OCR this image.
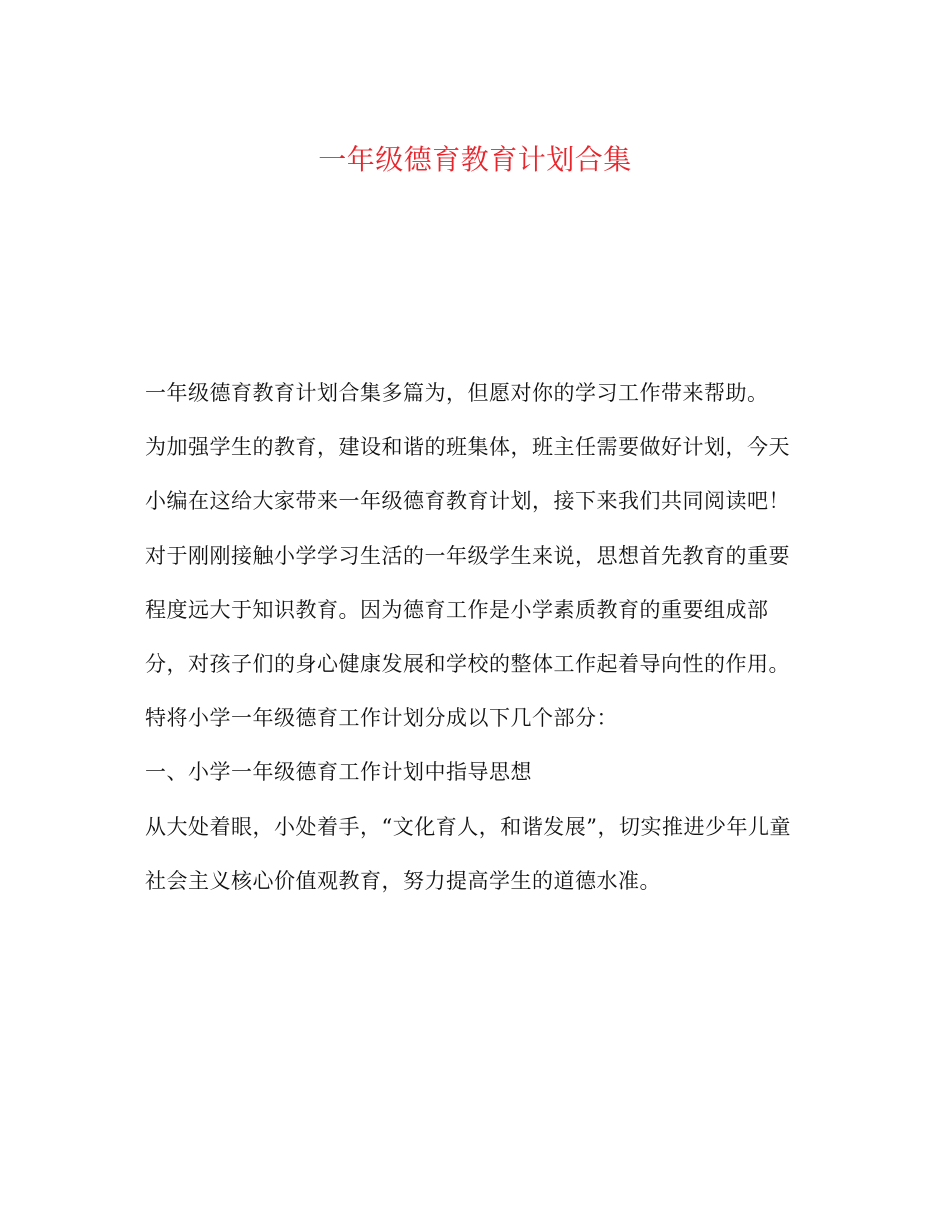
一年级德育教育计划合集
一年级德育教育计划合集多篇为，但愿对你的学习工作带来帮助。
为加强学生的教育，建设和谐的班集体，班主任需要做好计划，今天
小编在这给大家带来一年级德育教育计划，接下来我们共同阅读吧！
对于刚刚接触小学学习生活的一年级学生来说，思想首先教育的重要
程度远大于知识教育。因为德育工作是小学素质教育的重要组成部
分，对孩子们的身心健康发展和学校的整体工作起着导向性的作用。
特将小学一年级德育工作计划分成以下几个部分：
一、小学一年级德育工作计划中指导思想
从大处着眼，小处着手，“文化育人，和谐发展”，切实推进少年儿童
社会主义核心价值观教育，努力提高学生的道德水准。
